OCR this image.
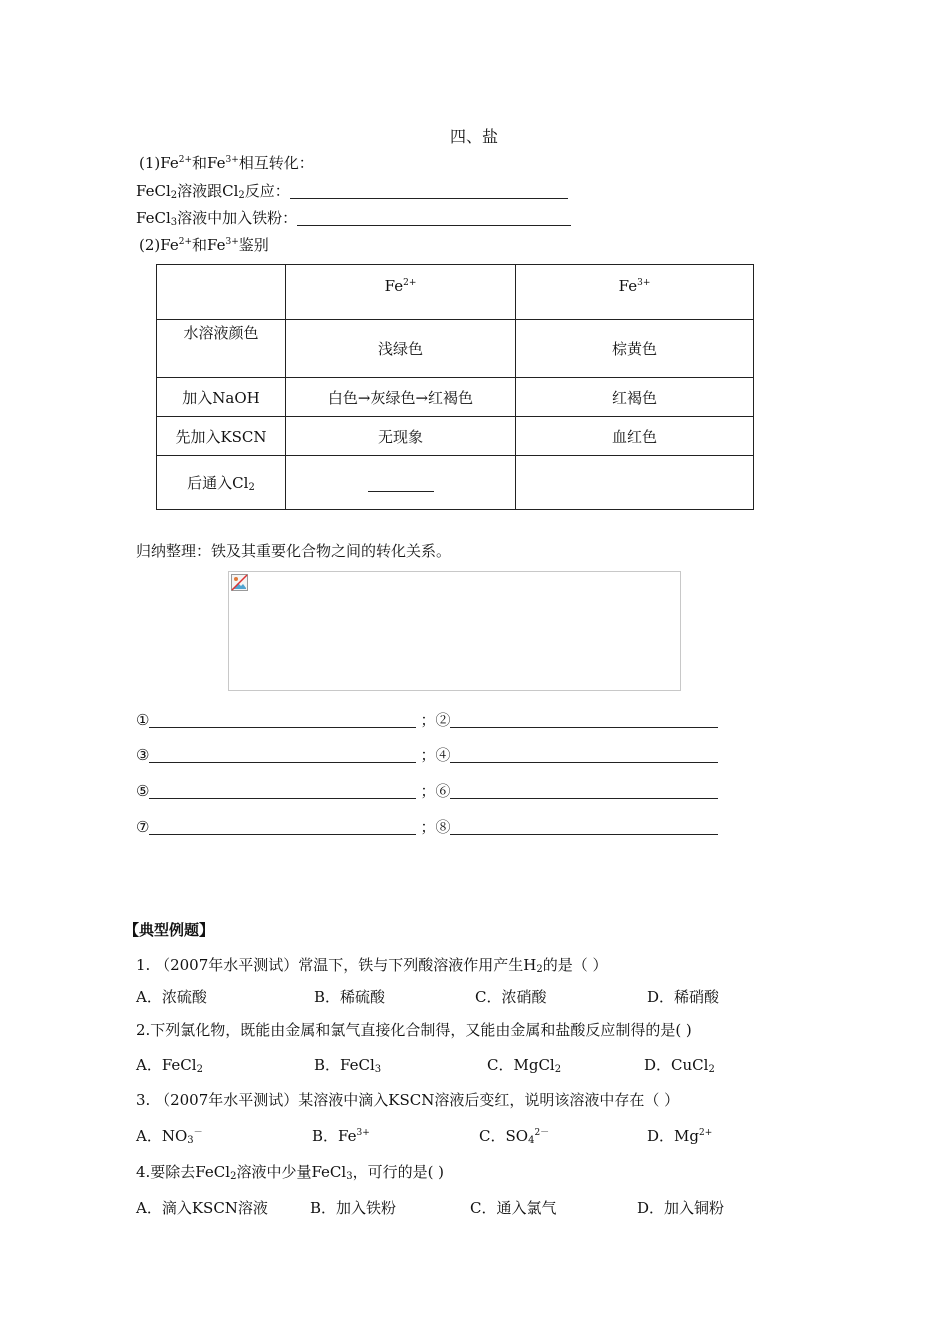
四、盐
$(1)Fe^{2+}$和$Fe^{3+}$相互转化：
FeCl$_2$溶液跟$Cl_2$反应：
FeCl$_3$溶液中加入铁粉：
$(2)Fe^{2+}$和$Fe^{3+}$鉴别
	$Fe^{2+}$	$Fe^{3+}$
水溶液颜色	浅绿色	棕黄色
加入NaOH	白色→灰绿色→红褐色	红褐色
先加入KSCN	无现象	血红色
后通入$Cl_2$		
归纳整理：铁及其重要化合物之间的转化关系。
①	；②
③	；④
⑤	；⑥
⑦	；⑧
【典型例题】
1. （2007年水平测试）常温下，铁与下列酸溶液作用产生$H_2$的是（ ）
A．浓硫酸	B．稀硫酸	C．浓硝酸	D．稀硝酸
2.下列氯化物，既能由金属和氯气直接化合制得，又能由金属和盐酸反应制得的是( )
A．FeCl$_2$	B．FeCl$_3$	C．MgCl$_2$	D．CuCl$_2$
3. （2007年水平测试）某溶液中滴入KSCN溶液后变红，说明该溶液中存在（ ）
A．$NO_3^-$	B．$Fe^{3+}$	C．$SO_4^{2-}$	D．$Mg^{2+}$
4.要除去FeCl$_2$溶液中少量FeCl$_3$，可行的是( )
A．滴入KSCN溶液	B．加入铁粉	C．通入氯气	D．加入铜粉
